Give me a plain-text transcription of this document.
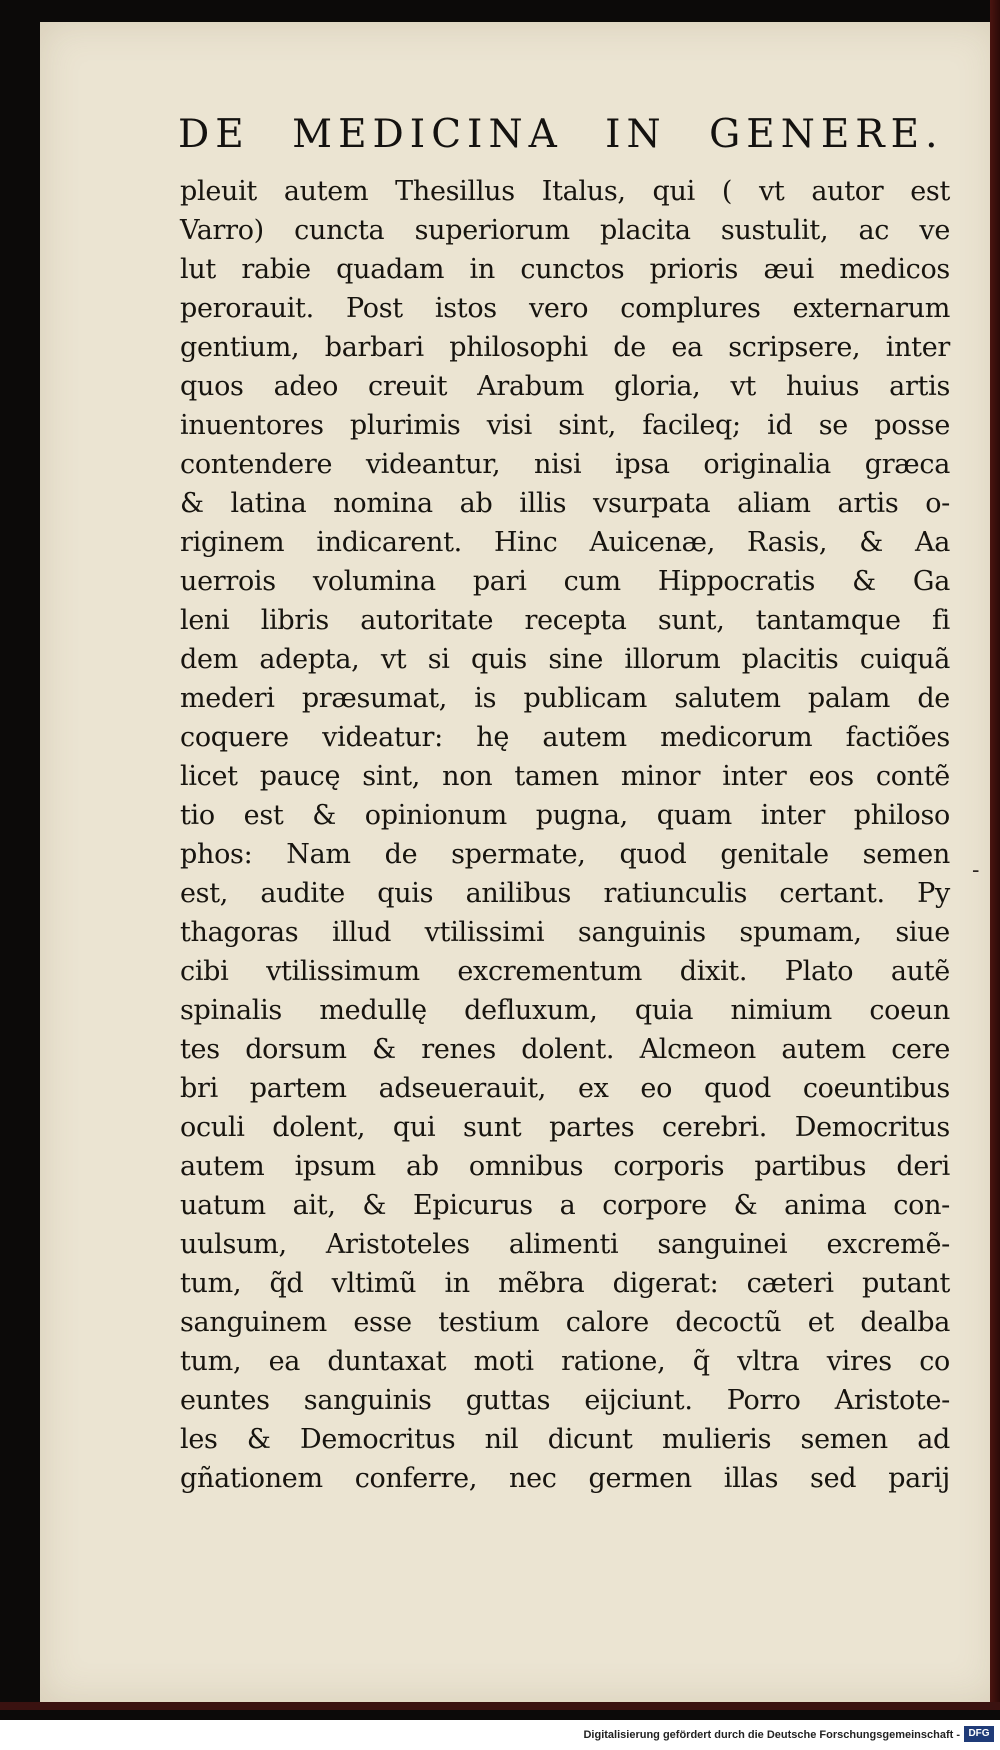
DE MEDICINA IN GENERE.
pleuit autem Thesillus Italus, qui ( vt autor est
Varro) cuncta superiorum placita sustulit, ac ve
lut rabie quadam in cunctos prioris æui medicos
perorauit. Post istos vero complures externarum
gentium, barbari philosophi de ea scripsere, inter
quos adeo creuit Arabum gloria, vt huius artis
inuentores plurimis visi sint, facileq; id se posse
contendere videantur, nisi ipsa originalia græca
& latina nomina ab illis vsurpata aliam artis o-
riginem indicarent. Hinc Auicenæ, Rasis, & Aa
uerrois volumina pari cum Hippocratis & Ga
leni libris autoritate recepta sunt, tantamque fi
dem adepta, vt si quis sine illorum placitis cuiquã
mederi præsumat, is publicam salutem palam de
coquere videatur: hę autem medicorum factiões
licet paucę sint, non tamen minor inter eos contẽ
tio est & opinionum pugna, quam inter philoso
phos: Nam de spermate, quod genitale semen
est, audite quis anilibus ratiunculis certant. Py
thagoras illud vtilissimi sanguinis spumam, siue
cibi vtilissimum excrementum dixit. Plato autẽ
spinalis medullę defluxum, quia nimium coeun
tes dorsum & renes dolent. Alcmeon autem cere
bri partem adseuerauit, ex eo quod coeuntibus
oculi dolent, qui sunt partes cerebri. Democritus
autem ipsum ab omnibus corporis partibus deri
uatum ait, & Epicurus a corpore & anima con-
uulsum, Aristoteles alimenti sanguinei excremẽ-
tum, q̃d vltimũ in mẽbra digerat: cæteri putant
sanguinem esse testium calore decoctũ et dealba
tum, ea duntaxat moti ratione, q̃ vltra vires co
euntes sanguinis guttas eijciunt. Porro Aristote-
les & Democritus nil dicunt mulieris semen ad
gñationem conferre, nec germen illas sed parij
-
Digitalisierung gefördert durch die Deutsche Forschungsgemeinschaft - DFG
